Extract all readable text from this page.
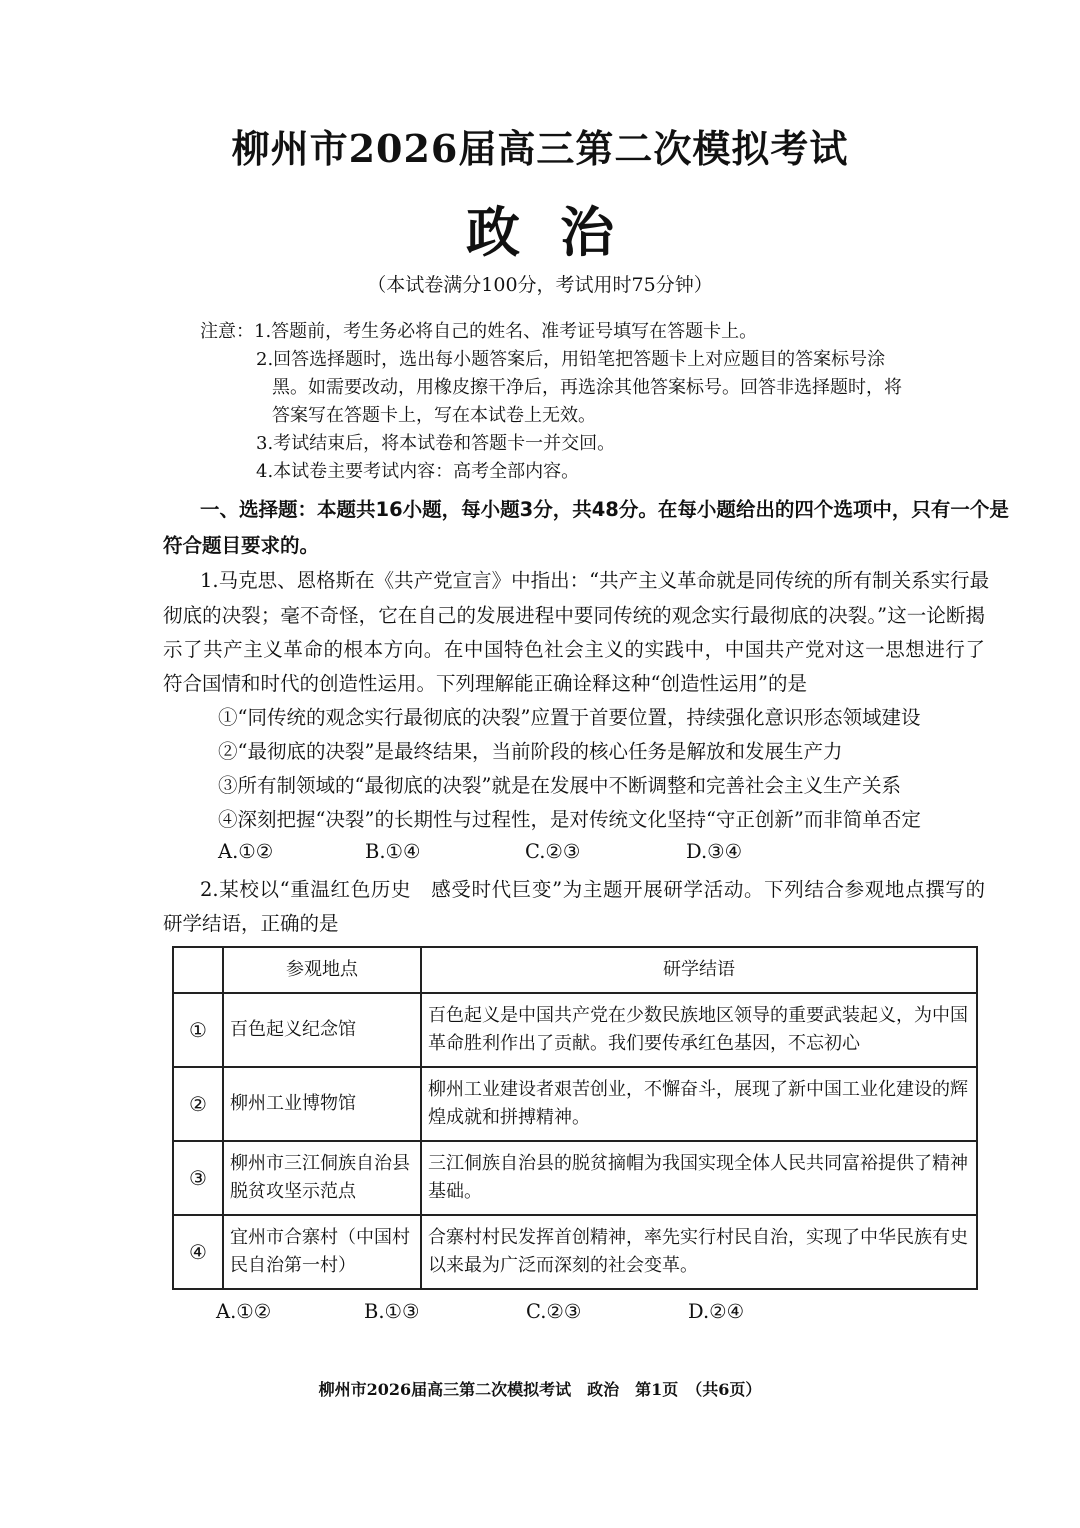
柳州市2026届高三第二次模拟考试
政治
（本试卷满分100分，考试用时75分钟）
注意：1.答题前，考生务必将自己的姓名、准考证号填写在答题卡上。
2.回答选择题时，选出每小题答案后，用铅笔把答题卡上对应题目的答案标号涂
黑。如需要改动，用橡皮擦干净后，再选涂其他答案标号。回答非选择题时，将
答案写在答题卡上，写在本试卷上无效。
3.考试结束后，将本试卷和答题卡一并交回。
4.本试卷主要考试内容：高考全部内容。
一、选择题：本题共16小题，每小题3分，共48分。在每小题给出的四个选项中，只有一个是
符合题目要求的。
1.马克思、恩格斯在《共产党宣言》中指出：“共产主义革命就是同传统的所有制关系实行最
彻底的决裂；毫不奇怪，它在自己的发展进程中要同传统的观念实行最彻底的决裂。”这一论断揭
示了共产主义革命的根本方向。在中国特色社会主义的实践中，中国共产党对这一思想进行了
符合国情和时代的创造性运用。下列理解能正确诠释这种“创造性运用”的是
①“同传统的观念实行最彻底的决裂”应置于首要位置，持续强化意识形态领域建设
②“最彻底的决裂”是最终结果，当前阶段的核心任务是解放和发展生产力
③所有制领域的“最彻底的决裂”就是在发展中不断调整和完善社会主义生产关系
④深刻把握“决裂”的长期性与过程性，是对传统文化坚持“守正创新”而非简单否定
A.①②	B.①④	C.②③	D.③④
2.某校以“重温红色历史　感受时代巨变”为主题开展研学活动。下列结合参观地点撰写的
研学结语，正确的是
	参观地点	研学结语
①	百色起义纪念馆	百色起义是中国共产党在少数民族地区领导的重要武装起义，为中国革命胜利作出了贡献。我们要传承红色基因，不忘初心
②	柳州工业博物馆	柳州工业建设者艰苦创业，不懈奋斗，展现了新中国工业化建设的辉煌成就和拼搏精神。
③	柳州市三江侗族自治县脱贫攻坚示范点	三江侗族自治县的脱贫摘帽为我国实现全体人民共同富裕提供了精神基础。
④	宜州市合寨村（中国村民自治第一村）	合寨村村民发挥首创精神，率先实行村民自治，实现了中华民族有史以来最为广泛而深刻的社会变革。
A.①②	B.①③	C.②③	D.②④
柳州市2026届高三第二次模拟考试　政治　第1页　（共6页）
